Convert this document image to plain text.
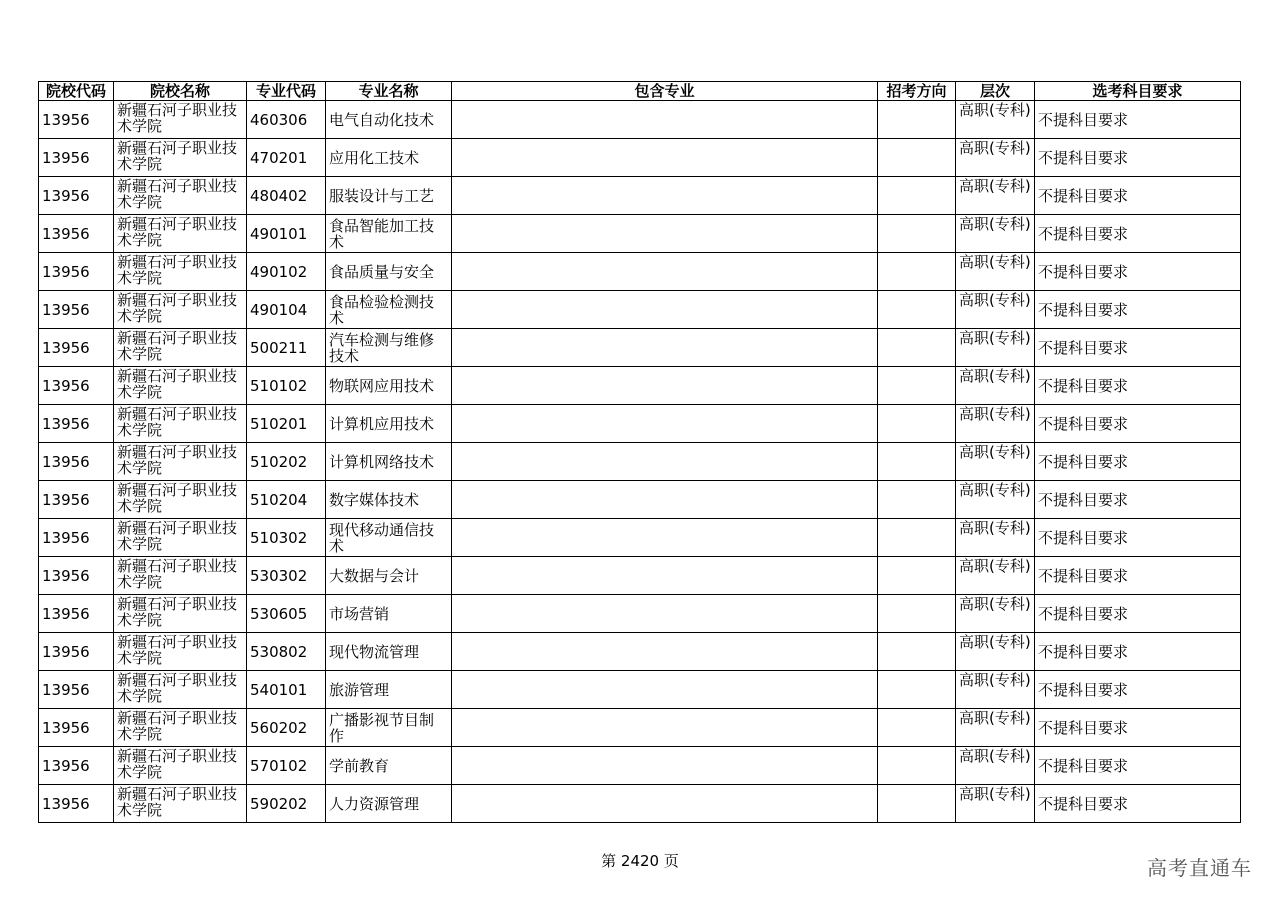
院校代码	院校名称	专业代码	专业名称	包含专业	招考方向	层次	选考科目要求
13956	新疆石河子职业技术学院	460306	电气自动化技术			高职(专科)	不提科目要求
13956	新疆石河子职业技术学院	470201	应用化工技术			高职(专科)	不提科目要求
13956	新疆石河子职业技术学院	480402	服装设计与工艺			高职(专科)	不提科目要求
13956	新疆石河子职业技术学院	490101	食品智能加工技术			高职(专科)	不提科目要求
13956	新疆石河子职业技术学院	490102	食品质量与安全			高职(专科)	不提科目要求
13956	新疆石河子职业技术学院	490104	食品检验检测技术			高职(专科)	不提科目要求
13956	新疆石河子职业技术学院	500211	汽车检测与维修技术			高职(专科)	不提科目要求
13956	新疆石河子职业技术学院	510102	物联网应用技术			高职(专科)	不提科目要求
13956	新疆石河子职业技术学院	510201	计算机应用技术			高职(专科)	不提科目要求
13956	新疆石河子职业技术学院	510202	计算机网络技术			高职(专科)	不提科目要求
13956	新疆石河子职业技术学院	510204	数字媒体技术			高职(专科)	不提科目要求
13956	新疆石河子职业技术学院	510302	现代移动通信技术			高职(专科)	不提科目要求
13956	新疆石河子职业技术学院	530302	大数据与会计			高职(专科)	不提科目要求
13956	新疆石河子职业技术学院	530605	市场营销			高职(专科)	不提科目要求
13956	新疆石河子职业技术学院	530802	现代物流管理			高职(专科)	不提科目要求
13956	新疆石河子职业技术学院	540101	旅游管理			高职(专科)	不提科目要求
13956	新疆石河子职业技术学院	560202	广播影视节目制作			高职(专科)	不提科目要求
13956	新疆石河子职业技术学院	570102	学前教育			高职(专科)	不提科目要求
13956	新疆石河子职业技术学院	590202	人力资源管理			高职(专科)	不提科目要求
第 2420 页	高考直通车
